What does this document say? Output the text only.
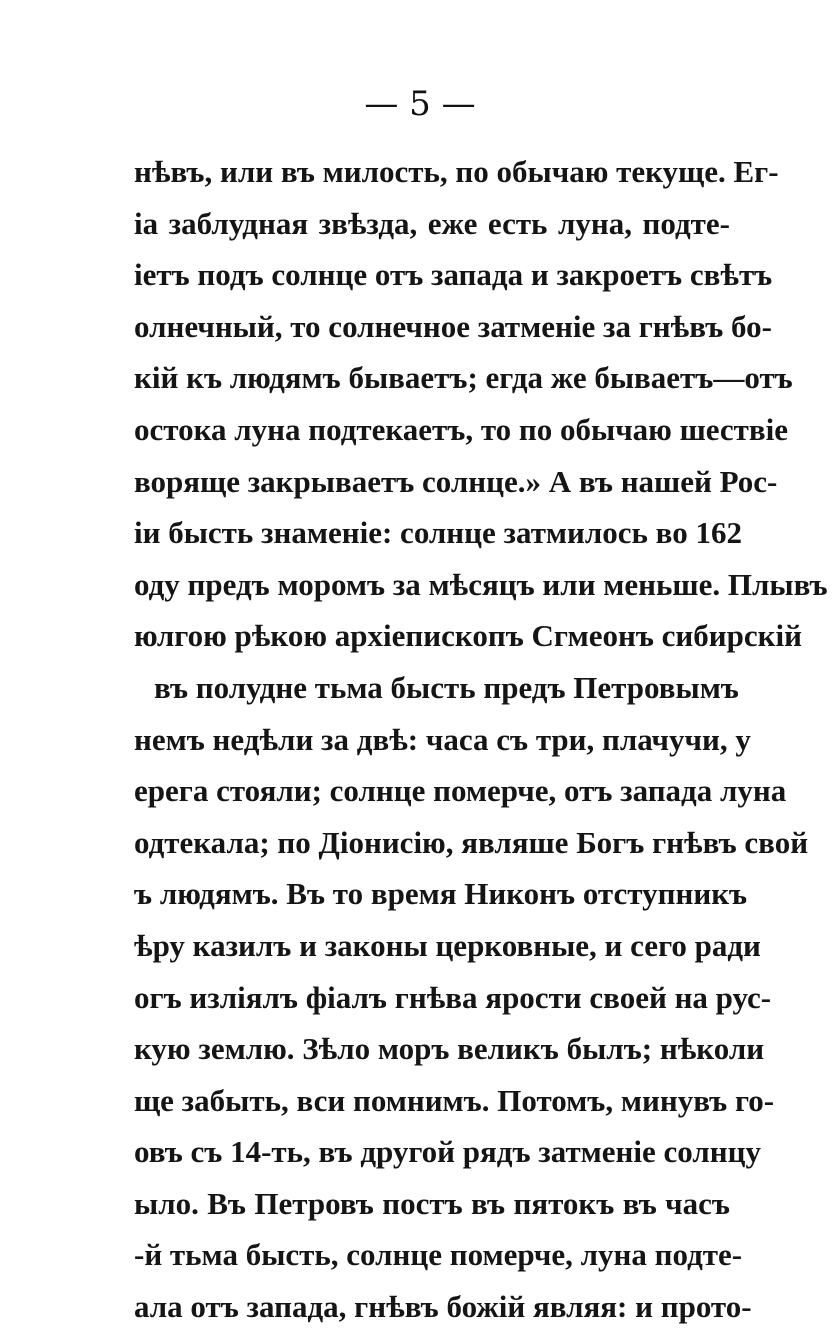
— 5 —
нѣвъ, или въ милость, по обычаю текуще. Ег-
ia заблудная звѣзда, еже есть луна, подте-
іетъ подъ солнце отъ запада и закроетъ свѣтъ
олнечный, то солнечное затменіе за гнѣвъ бо-
кій къ людямъ бываетъ; егда же бываетъ—отъ
остока луна подтекаетъ, то по обычаю шествіе
воряще закрываетъ солнце.» А въ нашей Рос-
іи бысть знаменіе: солнце затмилось во 162
оду предъ моромъ за мѣсяцъ или меньше. Плывъ
юлгою рѣкою архіепископъ Сгмеонъ сибирскій
въ полудне тьма бысть предъ Петровымъ
немъ недѣли за двѣ: часа съ три, плачучи, у
ерега стояли; солнце померче, отъ запада луна
одтекала; по Діонисію, являше Богъ гнѣвъ свой
ъ людямъ. Въ то время Никонъ отступникъ
ѣру казилъ и законы церковные, и сего ради
огъ изліялъ фіалъ гнѣва ярости своей на рус-
кую землю. Зѣло моръ великъ былъ; нѣколи
ще забыть, вси помнимъ. Потомъ, минувъ го-
овъ съ 14-ть, въ другой рядъ затменіе солнцу
ыло. Въ Петровъ постъ въ пятокъ въ часъ
-й тьма бысть, солнце померче, луна подте-
ала отъ запада, гнѣвъ божій являя: и прото-
